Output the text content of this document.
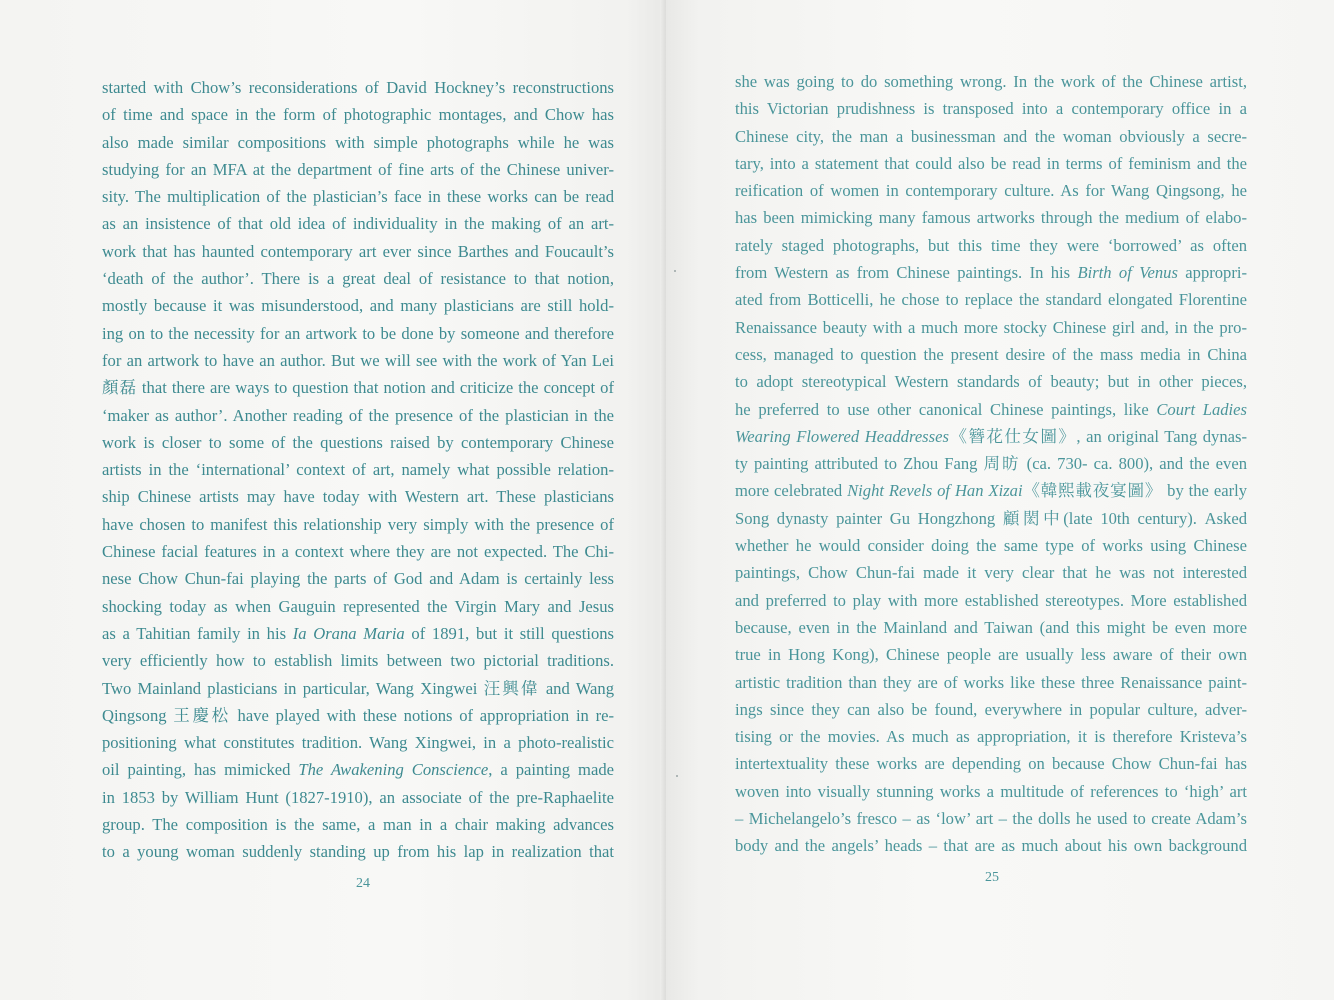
started with Chow’s reconsiderations of David Hockney’s reconstructions
of time and space in the form of photographic montages, and Chow has
also made similar compositions with simple photographs while he was
studying for an MFA at the department of fine arts of the Chinese univer-
sity. The multiplication of the plastician’s face in these works can be read
as an insistence of that old idea of individuality in the making of an art-
work that has haunted contemporary art ever since Barthes and Foucault’s
‘death of the author’. There is a great deal of resistance to that notion,
mostly because it was misunderstood, and many plasticians are still hold-
ing on to the necessity for an artwork to be done by someone and therefore
for an artwork to have an author. But we will see with the work of Yan Lei
顏磊 that there are ways to question that notion and criticize the concept of
‘maker as author’. Another reading of the presence of the plastician in the
work is closer to some of the questions raised by contemporary Chinese
artists in the ‘international’ context of art, namely what possible relation-
ship Chinese artists may have today with Western art. These plasticians
have chosen to manifest this relationship very simply with the presence of
Chinese facial features in a context where they are not expected. The Chi-
nese Chow Chun-fai playing the parts of God and Adam is certainly less
shocking today as when Gauguin represented the Virgin Mary and Jesus
as a Tahitian family in his Ia Orana Maria of 1891, but it still questions
very efficiently how to establish limits between two pictorial traditions.
Two Mainland plasticians in particular, Wang Xingwei 汪興偉 and Wang
Qingsong 王慶松 have played with these notions of appropriation in re-
positioning what constitutes tradition. Wang Xingwei, in a photo-realistic
oil painting, has mimicked The Awakening Conscience, a painting made
in 1853 by William Hunt (1827-1910), an associate of the pre-Raphaelite
group. The composition is the same, a man in a chair making advances
to a young woman suddenly standing up from his lap in realization that
24
she was going to do something wrong. In the work of the Chinese artist,
this Victorian prudishness is transposed into a contemporary office in a
Chinese city, the man a businessman and the woman obviously a secre-
tary, into a statement that could also be read in terms of feminism and the
reification of women in contemporary culture. As for Wang Qingsong, he
has been mimicking many famous artworks through the medium of elabo-
rately staged photographs, but this time they were ‘borrowed’ as often
from Western as from Chinese paintings. In his Birth of Venus appropri-
ated from Botticelli, he chose to replace the standard elongated Florentine
Renaissance beauty with a much more stocky Chinese girl and, in the pro-
cess, managed to question the present desire of the mass media in China
to adopt stereotypical Western standards of beauty; but in other pieces,
he preferred to use other canonical Chinese paintings, like Court Ladies
Wearing Flowered Headdresses《簪花仕女圖》, an original Tang dynas-
ty painting attributed to Zhou Fang 周昉 (ca. 730- ca. 800), and the even
more celebrated Night Revels of Han Xizai《韓熙載夜宴圖》 by the early
Song dynasty painter Gu Hongzhong 顧閎中(late 10th century). Asked
whether he would consider doing the same type of works using Chinese
paintings, Chow Chun-fai made it very clear that he was not interested
and preferred to play with more established stereotypes. More established
because, even in the Mainland and Taiwan (and this might be even more
true in Hong Kong), Chinese people are usually less aware of their own
artistic tradition than they are of works like these three Renaissance paint-
ings since they can also be found, everywhere in popular culture, adver-
tising or the movies. As much as appropriation, it is therefore Kristeva’s
intertextuality these works are depending on because Chow Chun-fai has
woven into visually stunning works a multitude of references to ‘high’ art
– Michelangelo’s fresco – as ‘low’ art – the dolls he used to create Adam’s
body and the angels’ heads – that are as much about his own background
25
